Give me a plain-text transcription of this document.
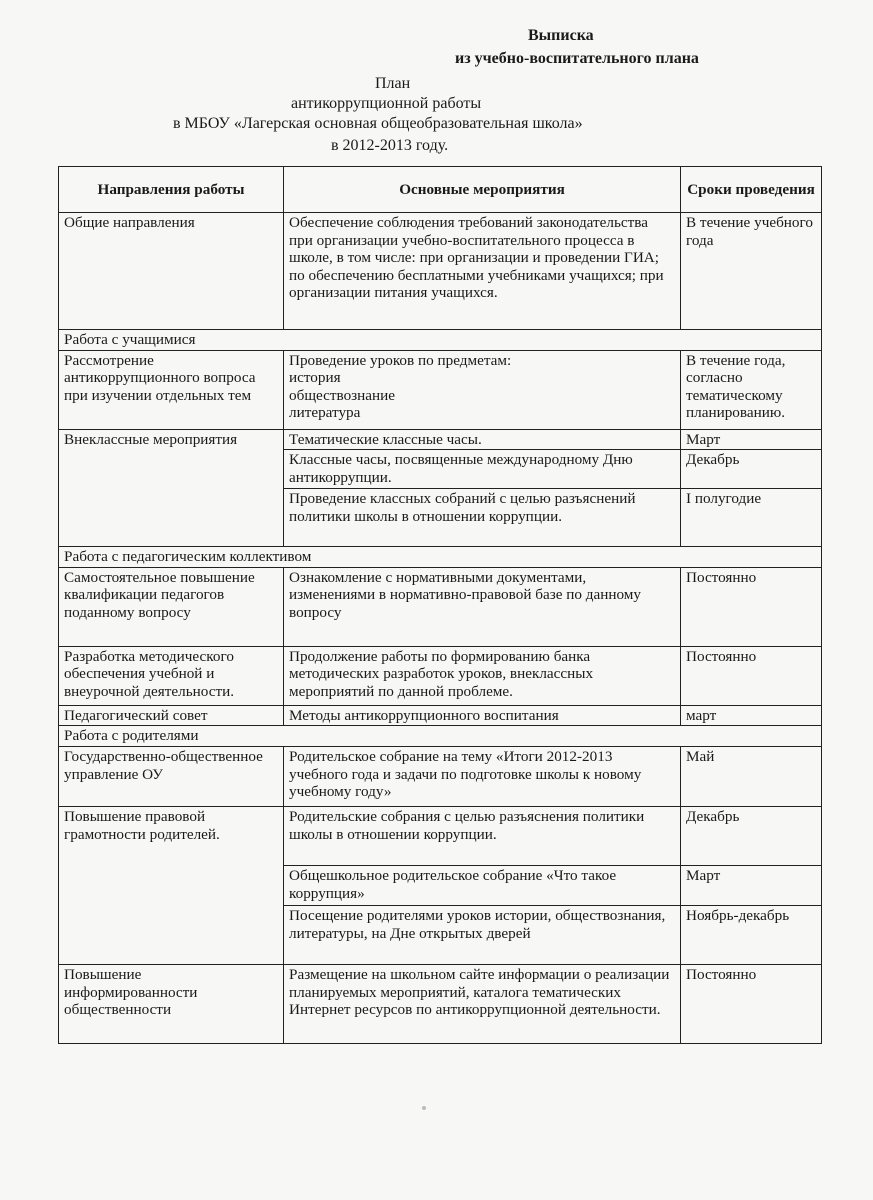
Выписка
из учебно-воспитательного плана
План
антикоррупционной работы
в МБОУ «Лагерская основная общеобразовательная школа»
в 2012-2013 году.
Направления работы	Основные мероприятия	Сроки проведения
Общие направления	Обеспечение соблюдения требований законодательства при организации учебно-воспитательного процесса в школе, в том числе: при организации и проведении ГИА; по обеспечению бесплатными учебниками учащихся; при организации питания учащихся.	В течение учебного года
Работа с учащимися		
Рассмотрение антикоррупционного вопроса при изучении отдельных тем	Проведение уроков по предметам:
история
обществознание
литература	В течение года, согласно тематическому планированию.
Внеклассные мероприятия	Тематические классные часы.	Март
	Классные часы, посвященные международному Дню антикоррупции.	Декабрь
	Проведение классных собраний с целью разъяснений политики школы в отношении коррупции.	I полугодие
Работа с педагогическим коллективом		
Самостоятельное повышение квалификации педагогов поданному вопросу	Ознакомление с нормативными документами, изменениями в нормативно-правовой базе по данному вопросу	Постоянно
Разработка методического обеспечения учебной и внеурочной деятельности.	Продолжение работы по формированию банка методических разработок уроков, внеклассных мероприятий по данной проблеме.	Постоянно
Педагогический совет	Методы антикоррупционного воспитания	март
Работа с родителями		
Государственно-общественное управление ОУ	Родительское собрание на тему «Итоги 2012-2013 учебного года и задачи по подготовке школы к новому учебному году»	Май
Повышение правовой грамотности родителей.	Родительские собрания с целью разъяснения политики школы в отношении коррупции.	Декабрь
	Общешкольное родительское собрание «Что такое коррупция»	Март
	Посещение родителями уроков истории, обществознания, литературы, на Дне открытых дверей	Ноябрь-декабрь
Повышение информированности общественности	Размещение на школьном сайте информации о реализации планируемых мероприятий, каталога тематических Интернет ресурсов по антикоррупционной деятельности.	Постоянно
